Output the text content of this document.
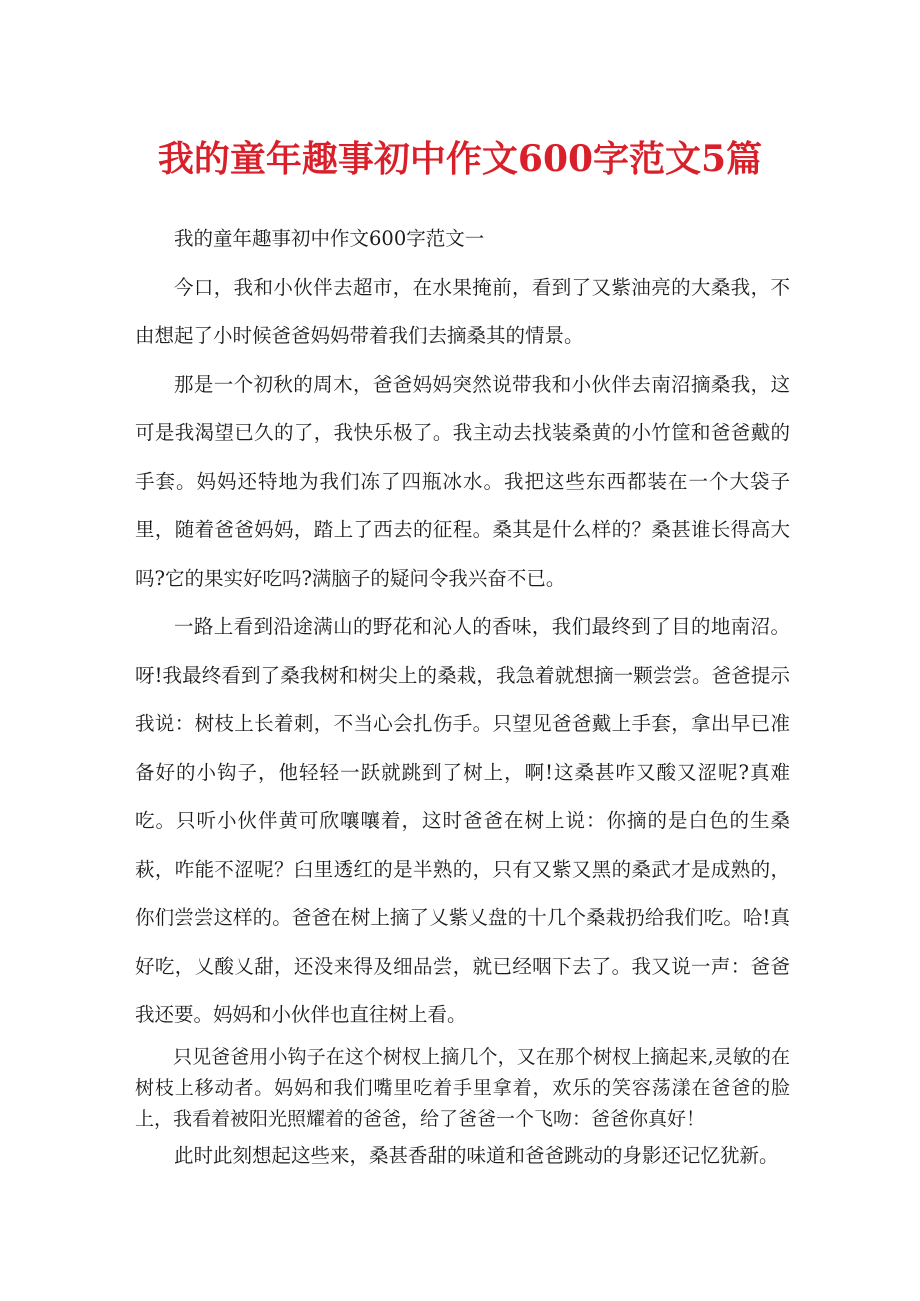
我的童年趣事初中作文600字范文5篇

我的童年趣事初中作文600字范文一

今口，我和小伙伴去超市，在水果掩前，看到了又紫油亮的大桑我，不由想起了小时候爸爸妈妈带着我们去摘桑其的情景。

那是一个初秋的周木，爸爸妈妈突然说带我和小伙伴去南沼摘桑我，这可是我渴望已久的了，我快乐极了。我主动去找装桑黄的小竹筐和爸爸戴的手套。妈妈还特地为我们冻了四瓶冰水。我把这些东西都装在一个大袋子里，随着爸爸妈妈，踏上了西去的征程。桑其是什么样的？桑甚谁长得高大吗?它的果实好吃吗?满脑子的疑问令我兴奋不已。

一路上看到沿途满山的野花和沁人的香味，我们最终到了目的地南沼。呀!我最终看到了桑我树和树尖上的桑栽，我急着就想摘一颗尝尝。爸爸提示我说：树枝上长着刺，不当心会扎伤手。只望见爸爸戴上手套，拿出早已准备好的小钩子，他轻轻一跃就跳到了树上，啊!这桑甚咋又酸又涩呢?真难吃。只听小伙伴黄可欣嚷嚷着，这时爸爸在树上说：你摘的是白色的生桑萩，咋能不涩呢？臼里透红的是半熟的，只有又紫又黑的桑武才是成熟的，你们尝尝这样的。爸爸在树上摘了乂紫乂盘的十几个桑栽扔给我们吃。哈!真好吃，乂酸乂甜，还没来得及细品尝，就已经咽下去了。我又说一声：爸爸我还要。妈妈和小伙伴也直往树上看。

只见爸爸用小钩子在这个树杈上摘几个，又在那个树杈上摘起来,灵敏的在树枝上移动者。妈妈和我们嘴里吃着手里拿着，欢乐的笑容荡漾在爸爸的脸上，我看着被阳光照耀着的爸爸，给了爸爸一个飞吻：爸爸你真好！

此时此刻想起这些来，桑甚香甜的味道和爸爸跳动的身影还记忆犹新。
